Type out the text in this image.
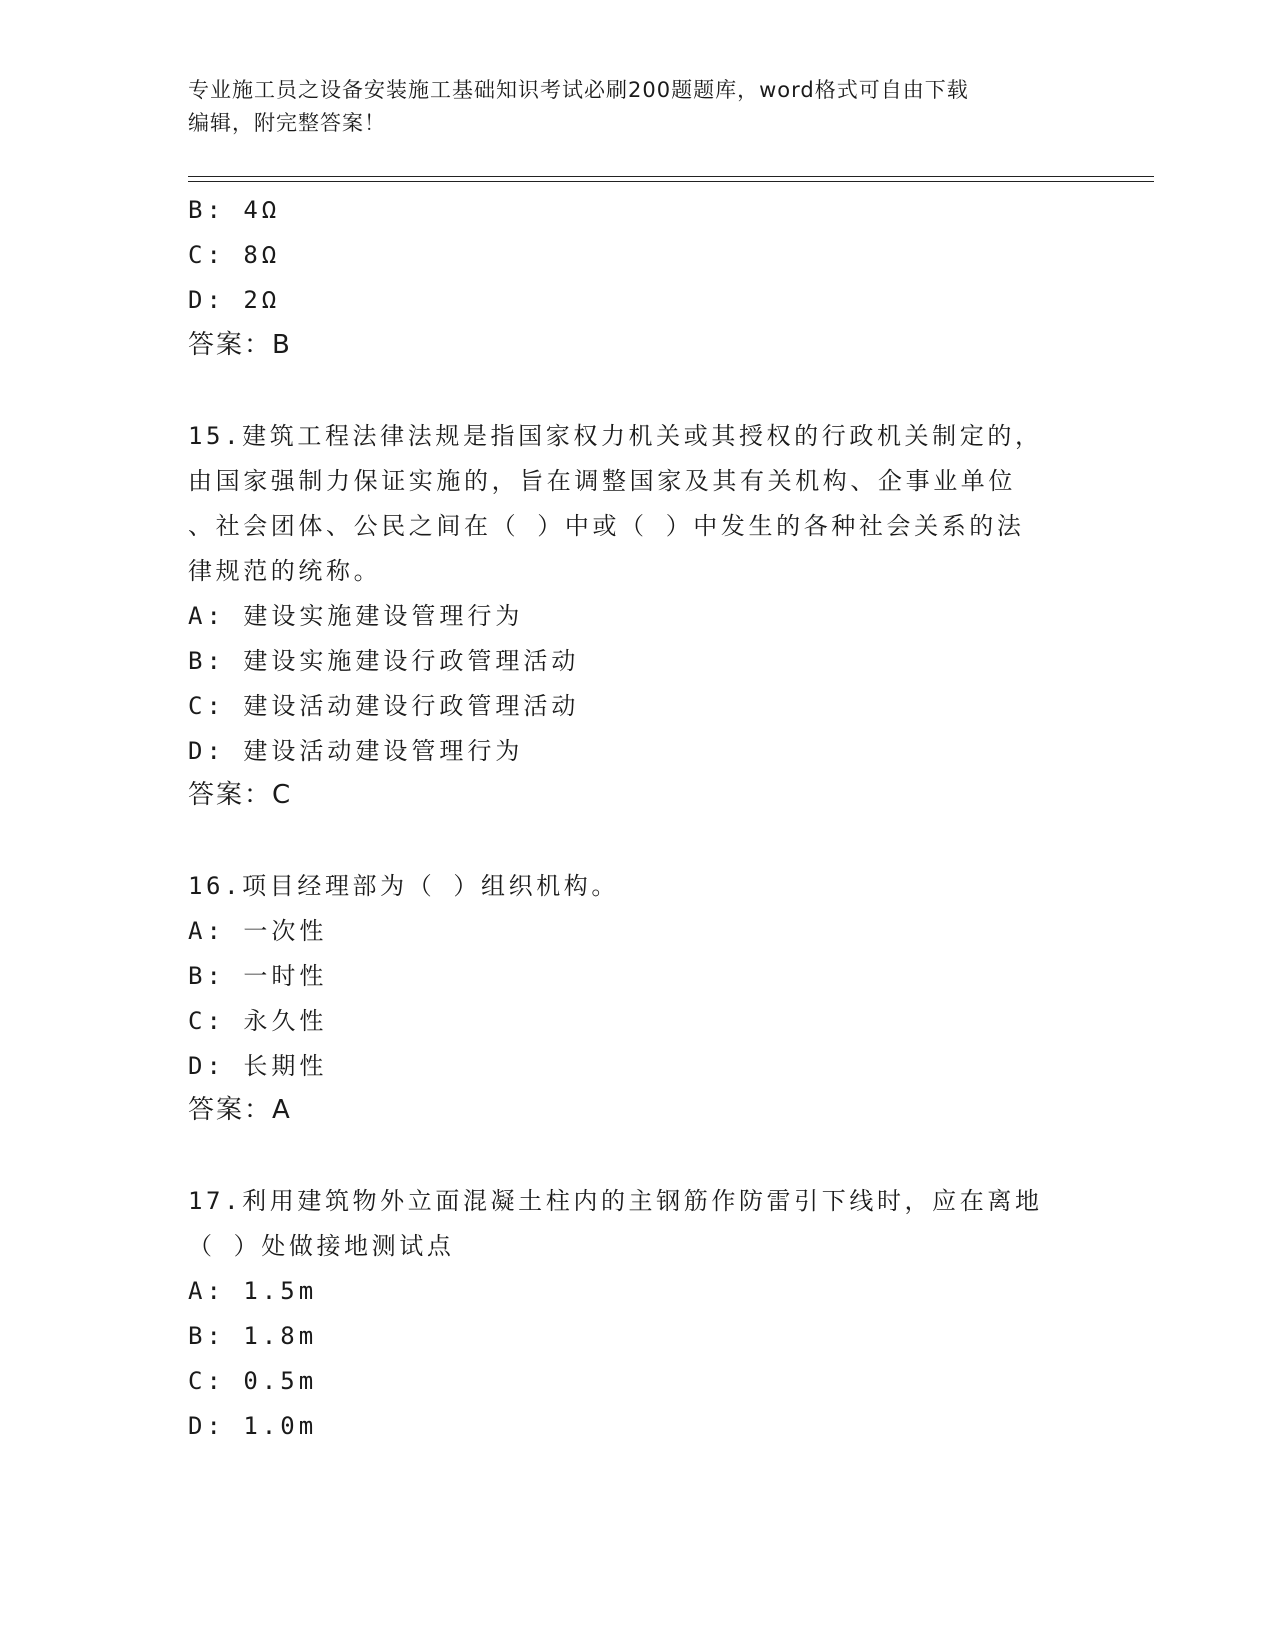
专业施工员之设备安装施工基础知识考试必刷200题题库，word格式可自由下载
编辑，附完整答案！
B: 4Ω
C: 8Ω
D: 2Ω
答案：B
15.建筑工程法律法规是指国家权力机关或其授权的行政机关制定的，
由国家强制力保证实施的，旨在调整国家及其有关机构、企事业单位
、社会团体、公民之间在（ ）中或（ ）中发生的各种社会关系的法
律规范的统称。
A: 建设实施建设管理行为
B: 建设实施建设行政管理活动
C: 建设活动建设行政管理活动
D: 建设活动建设管理行为
答案：C
16.项目经理部为（ ）组织机构。
A: 一次性
B: 一时性
C: 永久性
D: 长期性
答案：A
17.利用建筑物外立面混凝土柱内的主钢筋作防雷引下线时，应在离地
（ ）处做接地测试点
A: 1.5m
B: 1.8m
C: 0.5m
D: 1.0m
